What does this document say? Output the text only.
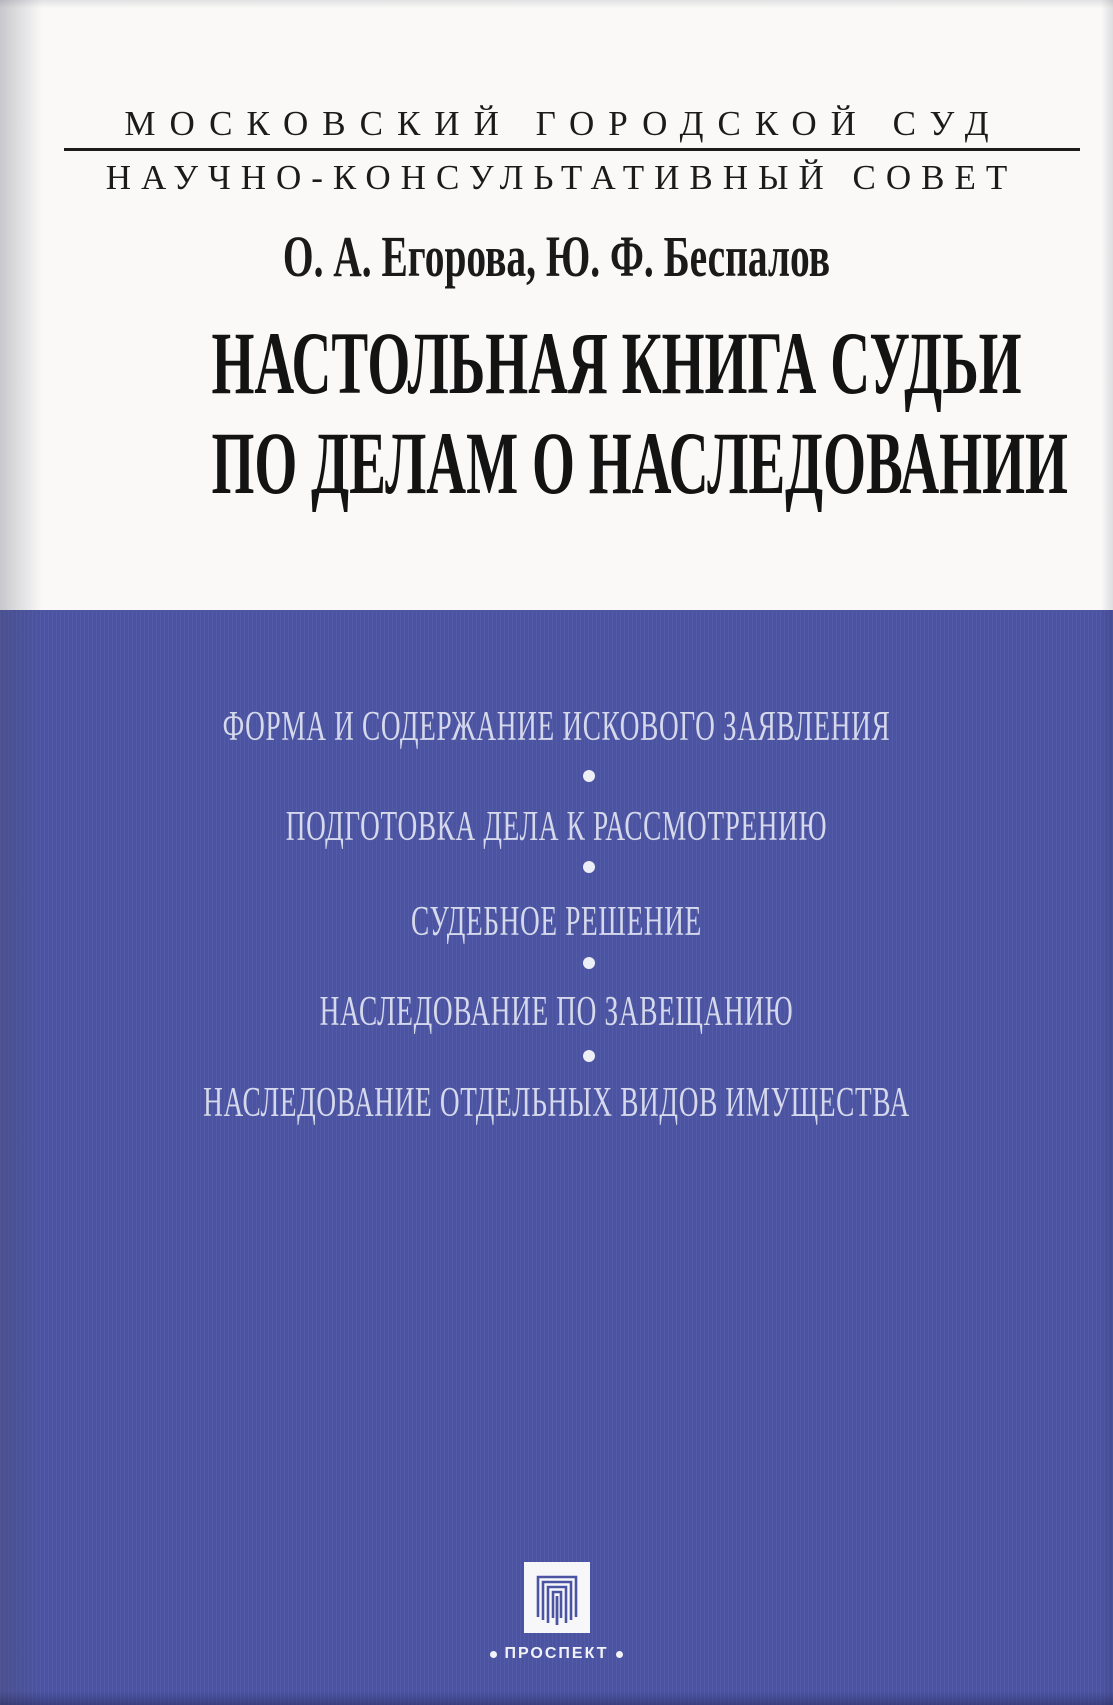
МОСКОВСКИЙ ГОРОДСКОЙ СУД
НАУЧНО-КОНСУЛЬТАТИВНЫЙ СОВЕТ
О. А. Егорова, Ю. Ф. Беспалов
НАСТОЛЬНАЯ КНИГА СУДЬИ
ПО ДЕЛАМ О НАСЛЕДОВАНИИ
ФОРМА И СОДЕРЖАНИЕ ИСКОВОГО ЗАЯВЛЕНИЯ
ПОДГОТОВКА ДЕЛА К РАССМОТРЕНИЮ
СУДЕБНОЕ РЕШЕНИЕ
НАСЛЕДОВАНИЕ ПО ЗАВЕЩАНИЮ
НАСЛЕДОВАНИЕ ОТДЕЛЬНЫХ ВИДОВ ИМУЩЕСТВА
ПРОСПЕКТ
